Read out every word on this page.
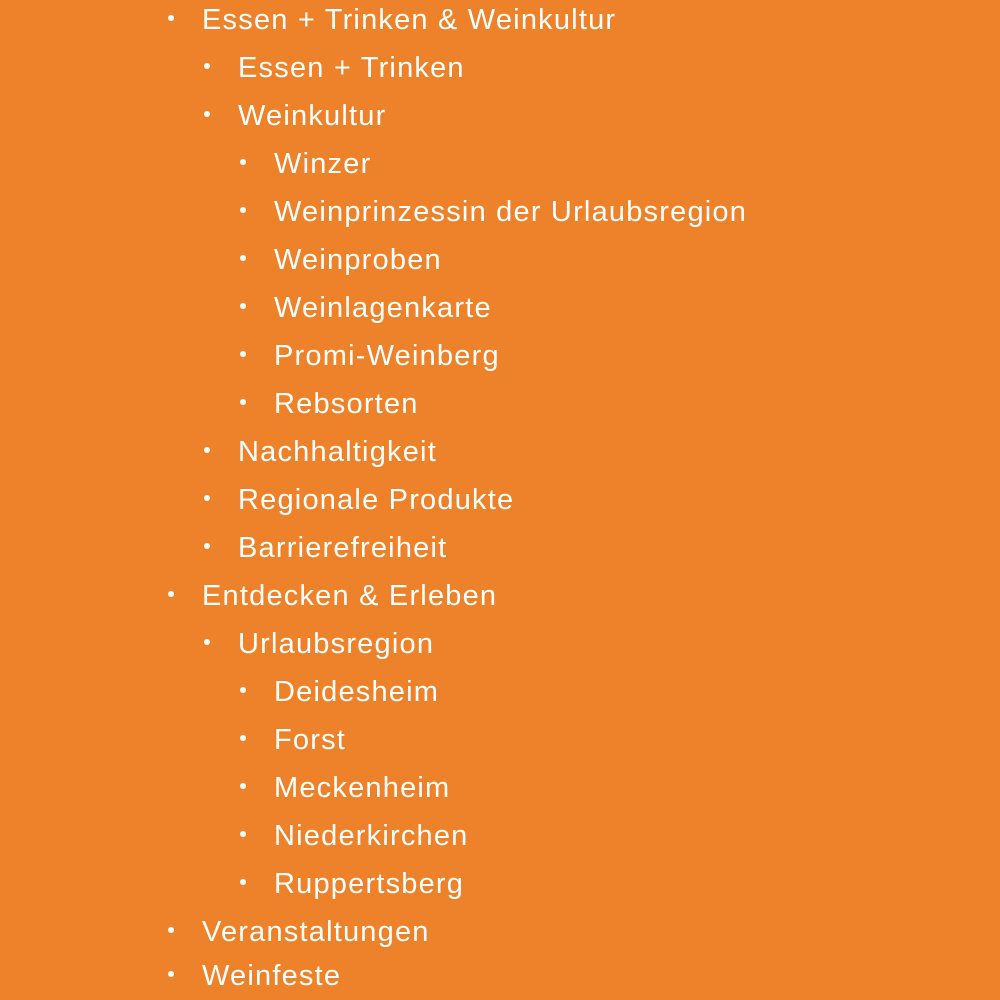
Essen + Trinken & Weinkultur
Essen + Trinken
Weinkultur
Winzer
Weinprinzessin der Urlaubsregion
Weinproben
Weinlagenkarte
Promi-Weinberg
Rebsorten
Nachhaltigkeit
Regionale Produkte
Barrierefreiheit
Entdecken & Erleben
Urlaubsregion
Deidesheim
Forst
Meckenheim
Niederkirchen
Ruppertsberg
Veranstaltungen
Weinfeste
